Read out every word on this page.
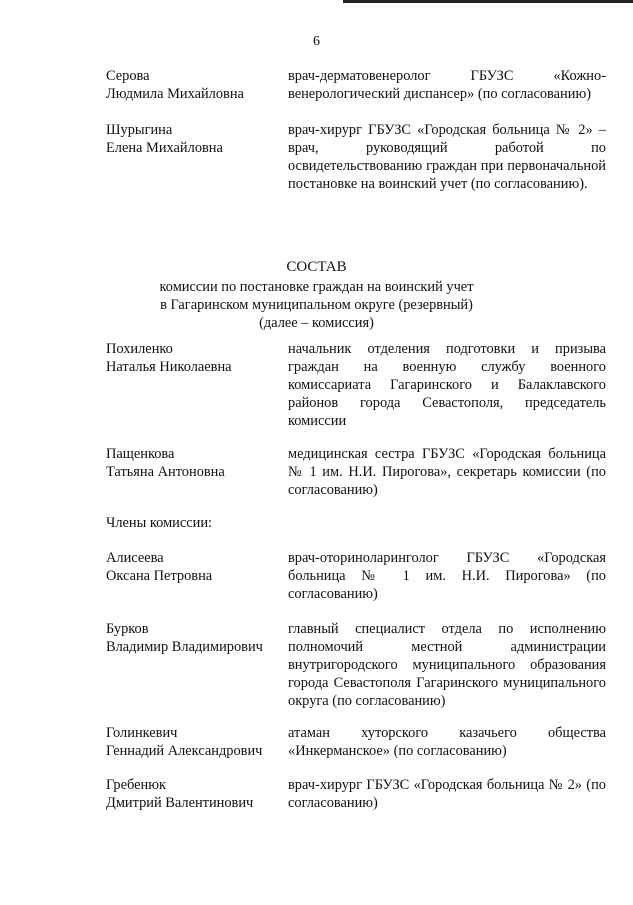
6
Серова
Людмила Михайловна
врач-дерматовенеролог ГБУЗС «Кожно-венерологический диспансер» (по согласованию)
Шурыгина
Елена Михайловна
врач-хирург ГБУЗС «Городская больница № 2» – врач, руководящий работой по освидетельствованию граждан при первоначальной постановке на воинский учет (по согласованию).
СОСТАВ
комиссии по постановке граждан на воинский учет
в Гагаринском муниципальном округе (резервный)
(далее – комиссия)
Похиленко
Наталья Николаевна
начальник отделения подготовки и призыва граждан на военную службу военного комиссариата Гагаринского и Балаклавского районов города Севастополя, председатель комиссии
Пащенкова
Татьяна Антоновна
медицинская сестра ГБУЗС «Городская больница № 1 им. Н.И. Пирогова», секретарь комиссии (по согласованию)
Члены комиссии:
Алисеева
Оксана Петровна
врач-оториноларинголог ГБУЗС «Городская больница № 1 им. Н.И. Пирогова» (по согласованию)
Бурков
Владимир Владимирович
главный специалист отдела по исполнению полномочий местной администрации внутригородского муниципального образования города Севастополя Гагаринского муниципального округа (по согласованию)
Голинкевич
Геннадий Александрович
атаман хуторского казачьего общества «Инкерманское» (по согласованию)
Гребенюк
Дмитрий Валентинович
врач-хирург ГБУЗС «Городская больница № 2» (по согласованию)
